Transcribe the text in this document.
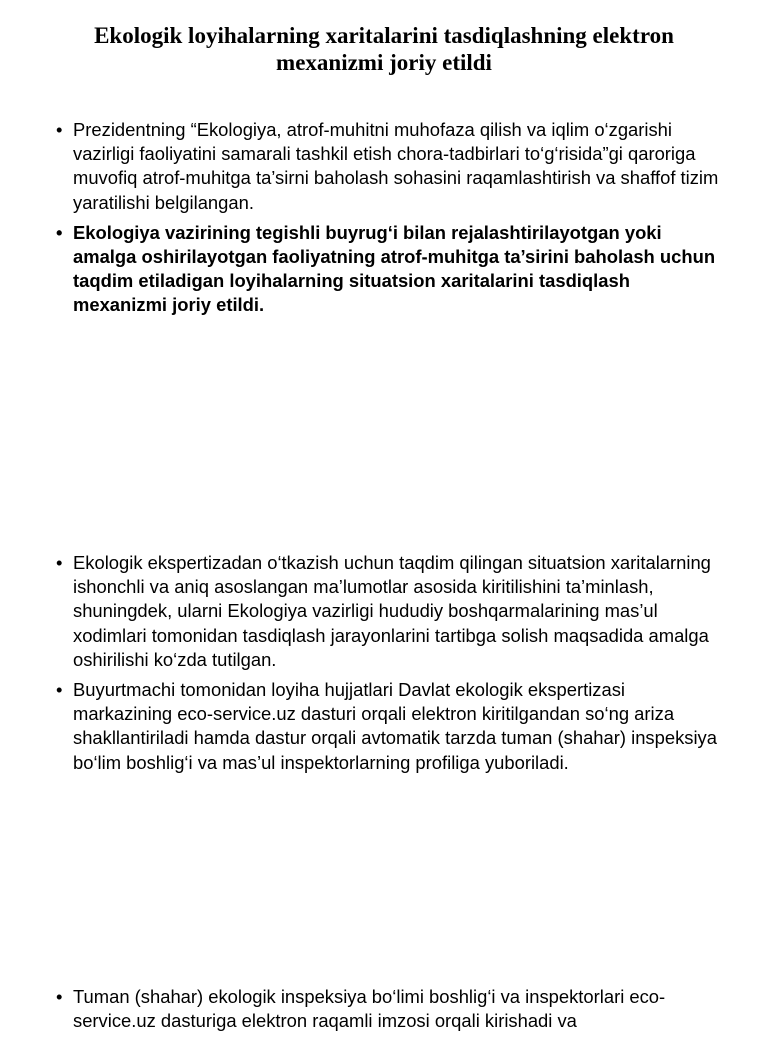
Ekologik loyihalarning xaritalarini tasdiqlashning elektron mexanizmi joriy etildi
• Prezidentning “Ekologiya, atrof-muhitni muhofaza qilish va iqlim o‘zgarishi vazirligi faoliyatini samarali tashkil etish chora-tadbirlari to‘g‘risida”gi qaroriga muvofiq atrof-muhitga ta’sirni baholash sohasini raqamlashtirish va shaffof tizim yaratilishi belgilangan.
• Ekologiya vazirining tegishli buyrug‘i bilan rejalashtirilayotgan yoki amalga oshirilayotgan faoliyatning atrof-muhitga ta’sirini baholash uchun taqdim etiladigan loyihalarning situatsion xaritalarini tasdiqlash mexanizmi joriy etildi.
• Ekologik ekspertizadan o‘tkazish uchun taqdim qilingan situatsion xaritalarning ishonchli va aniq asoslangan ma’lumotlar asosida kiritilishini ta’minlash, shuningdek, ularni Ekologiya vazirligi hududiy boshqarmalarining mas’ul xodimlari tomonidan tasdiqlash jarayonlarini tartibga solish maqsadida amalga oshirilishi ko‘zda tutilgan.
• Buyurtmachi tomonidan loyiha hujjatlari Davlat ekologik ekspertizasi markazining eco-service.uz dasturi orqali elektron kiritilgandan so‘ng ariza shakllantiriladi hamda dastur orqali avtomatik tarzda tuman (shahar) inspeksiya bo‘lim boshlig‘i va mas’ul inspektorlarning profiliga yuboriladi.
• Tuman (shahar) ekologik inspeksiya bo‘limi boshlig‘i va inspektorlari eco-service.uz dasturiga elektron raqamli imzosi orqali kirishadi va
